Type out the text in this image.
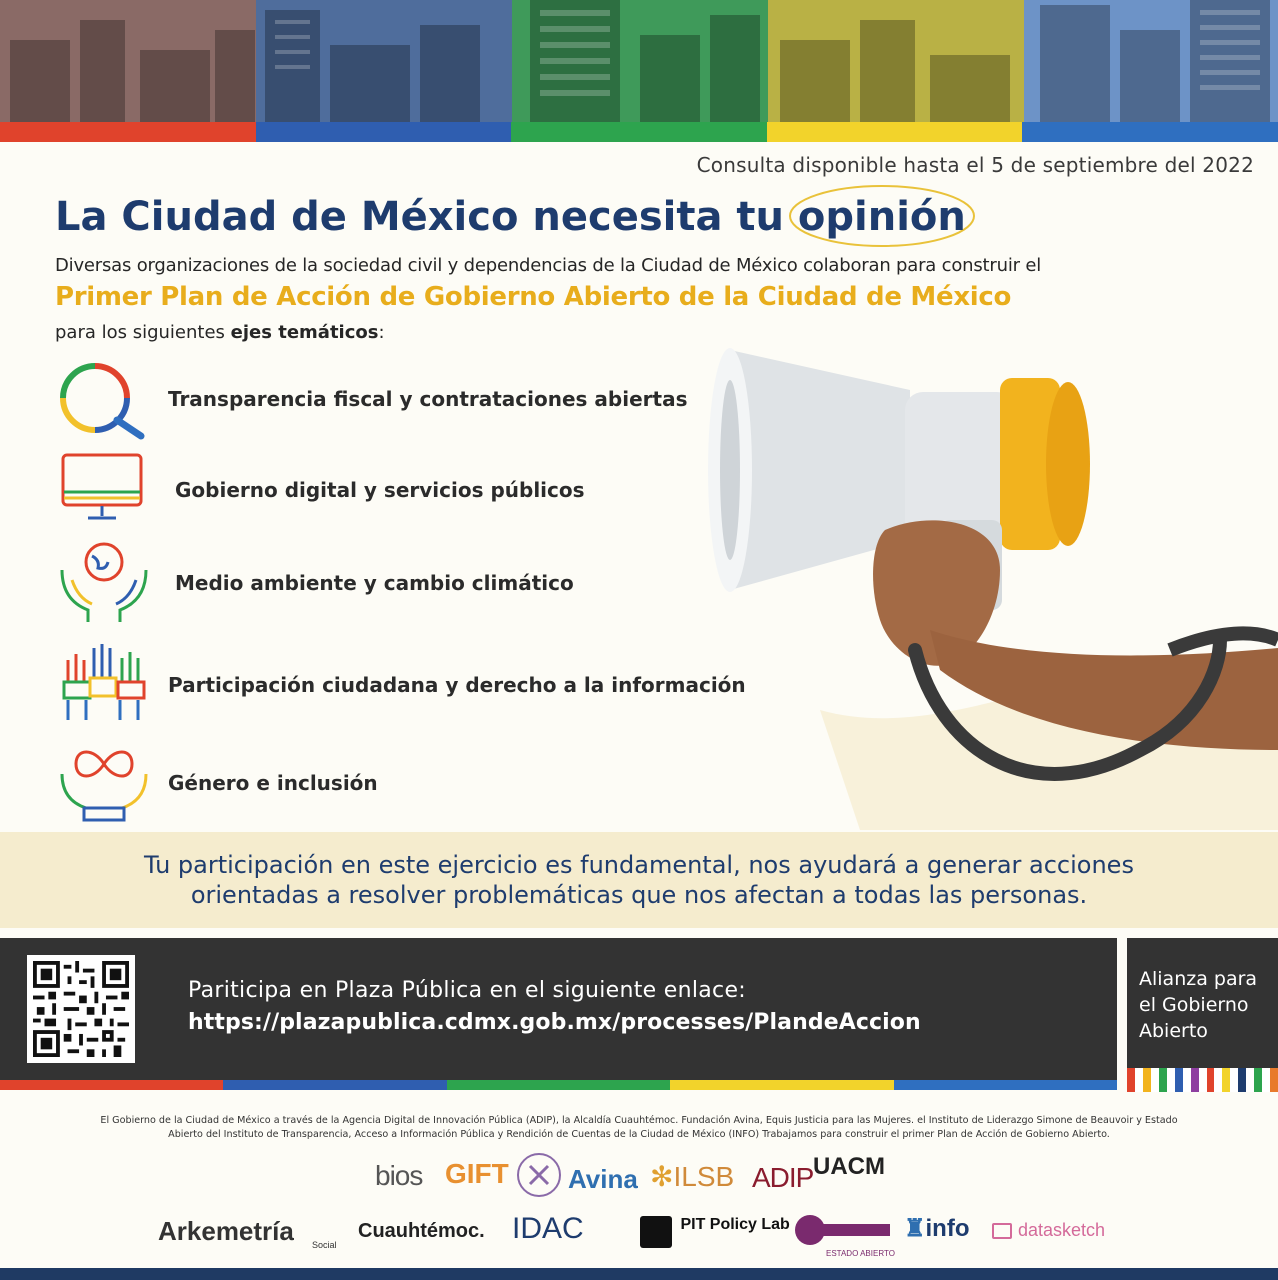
Consulta disponible hasta el 5 de septiembre del 2022
La Ciudad de México necesita tu
opinión
Diversas organizaciones de la sociedad civil y dependencias de la Ciudad de México colaboran para construir el
Primer Plan de Acción de Gobierno Abierto de la Ciudad de México
para los siguientes ejes temáticos:
Transparencia fiscal y contrataciones abiertas
Gobierno digital y servicios públicos
Medio ambiente y cambio climático
Participación ciudadana y derecho a la información
Género e inclusión
Tu participación en este ejercicio es fundamental, nos ayudará a generar acciones orientadas a resolver problemáticas que nos afectan a todas las personas.
Pariticipa en Plaza Pública en el siguiente enlace:
https://plazapublica.cdmx.gob.mx/processes/PlandeAccion
Alianza para
el Gobierno
Abierto
El Gobierno de la Ciudad de México a través de la Agencia Digital de Innovación Pública (ADIP), la Alcaldía Cuauhtémoc. Fundación Avina, Equis Justicia para las Mujeres. el Instituto de Liderazgo Simone de Beauvoir y Estado Abierto del Instituto de Transparencia, Acceso a Información Pública y Rendición de Cuentas de la Ciudad de México (INFO) Trabajamos para construir el primer Plan de Acción de Gobierno Abierto.
bios GIFT Avina ✻ILSB ADIP UACM
Arkemetría Social
Cuauhtémoc. IDAC	PIT Policy Lab
ESTADO ABIERTO
♜info	datasketch
